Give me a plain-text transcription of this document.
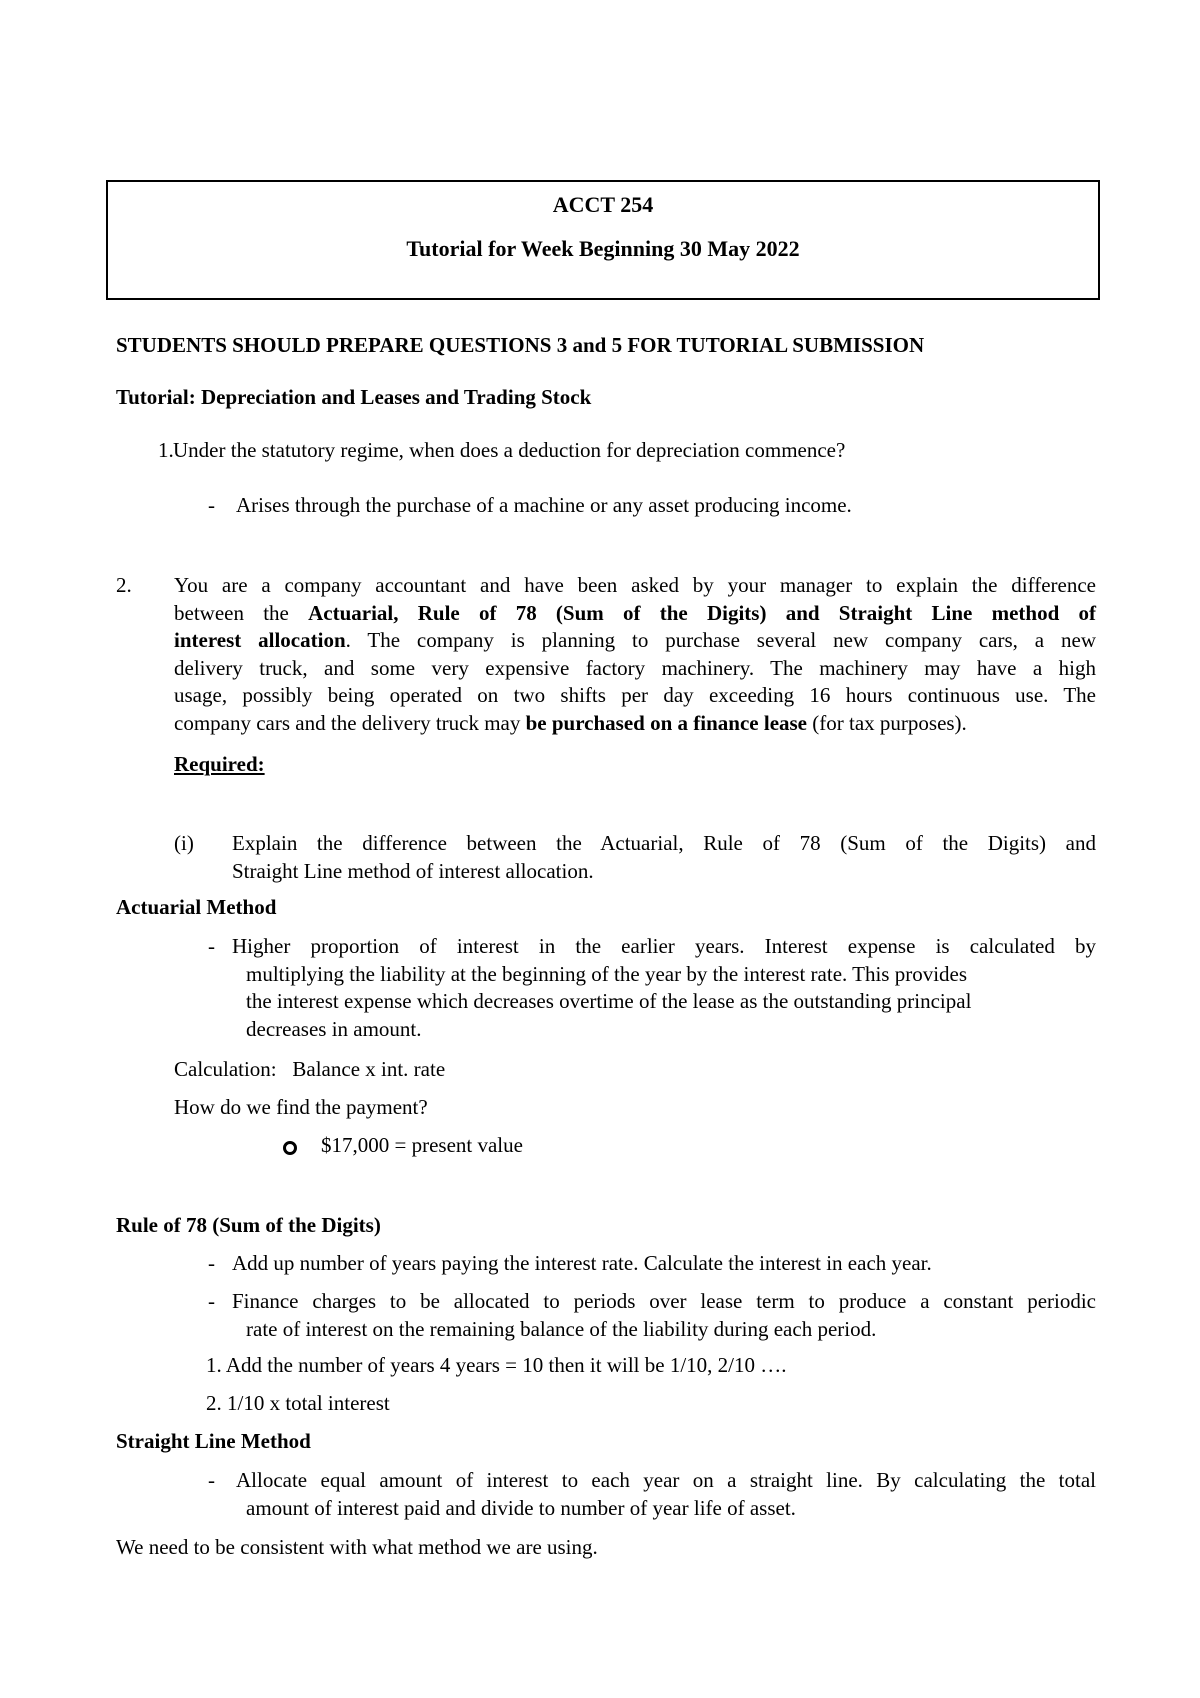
ACCT 254
Tutorial for Week Beginning 30 May 2022
STUDENTS SHOULD PREPARE QUESTIONS 3 and 5 FOR TUTORIAL SUBMISSION
Tutorial: Depreciation and Leases and Trading Stock
1. Under the statutory regime, when does a deduction for depreciation commence?
- Arises through the purchase of a machine or any asset producing income.
2. You are a company accountant and have been asked by your manager to explain the difference
between the Actuarial, Rule of 78 (Sum of the Digits) and Straight Line method of
interest allocation. The company is planning to purchase several new company cars, a new
delivery truck, and some very expensive factory machinery. The machinery may have a high
usage, possibly being operated on two shifts per day exceeding 16 hours continuous use. The
company cars and the delivery truck may be purchased on a finance lease (for tax purposes).
Required:
(i) Explain the difference between the Actuarial, Rule of 78 (Sum of the Digits) and
Straight Line method of interest allocation.
Actuarial Method
- Higher proportion of interest in the earlier years. Interest expense is calculated by
multiplying the liability at the beginning of the year by the interest rate. This provides
the interest expense which decreases overtime of the lease as the outstanding principal
decreases in amount.
Calculation:   Balance x int. rate
How do we find the payment?
$17,000 = present value
Rule of 78 (Sum of the Digits)
- Add up number of years paying the interest rate. Calculate the interest in each year.
- Finance charges to be allocated to periods over lease term to produce a constant periodic
rate of interest on the remaining balance of the liability during each period.
1. Add the number of years 4 years = 10 then it will be 1/10, 2/10 ….
2. 1/10 x total interest
Straight Line Method
- Allocate equal amount of interest to each year on a straight line. By calculating the total
amount of interest paid and divide to number of year life of asset.
We need to be consistent with what method we are using.
